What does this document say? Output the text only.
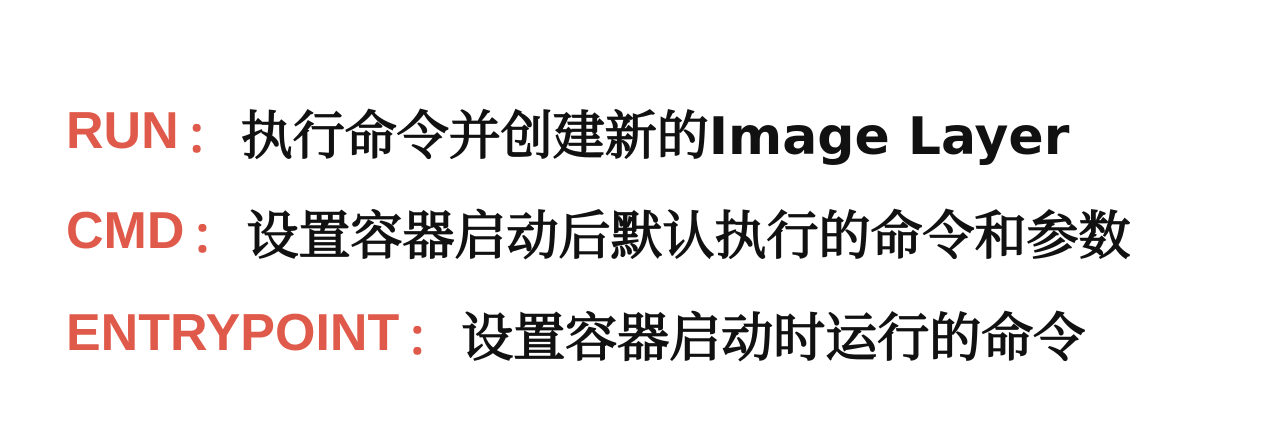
RUN ： 执行命令并创建新的Image Layer
CMD ： 设置容器启动后默认执行的命令和参数
ENTRYPOINT ： 设置容器启动时运行的命令
